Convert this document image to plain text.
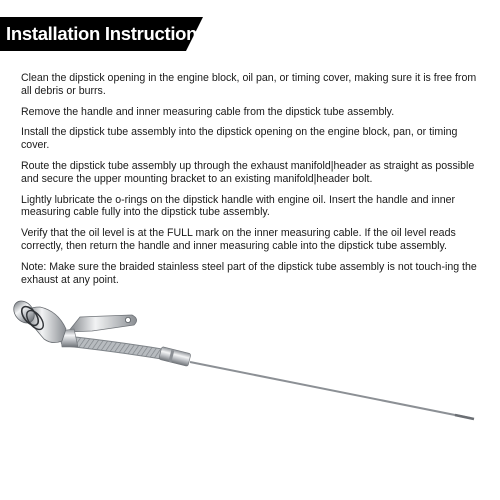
Installation Instruction:

Clean the dipstick opening in the engine block, oil pan, or timing cover, making sure it is free from all debris or burrs.

Remove the handle and inner measuring cable from the dipstick tube assembly.

Install the dipstick tube assembly into the dipstick opening on the engine block, pan, or timing cover.

Route the dipstick tube assembly up through the exhaust manifold|header as straight as possible and secure the upper mounting bracket to an existing manifold|header bolt.

Lightly lubricate the o-rings on the dipstick handle with engine oil. Insert the handle and inner measuring cable fully into the dipstick tube assembly.

Verify that the oil level is at the FULL mark on the inner measuring cable. If the oil level reads correctly, then return the handle and inner measuring cable into the dipstick tube assembly.

Note: Make sure the braided stainless steel part of the dipstick tube assembly is not touch-ing the exhaust at any point.
